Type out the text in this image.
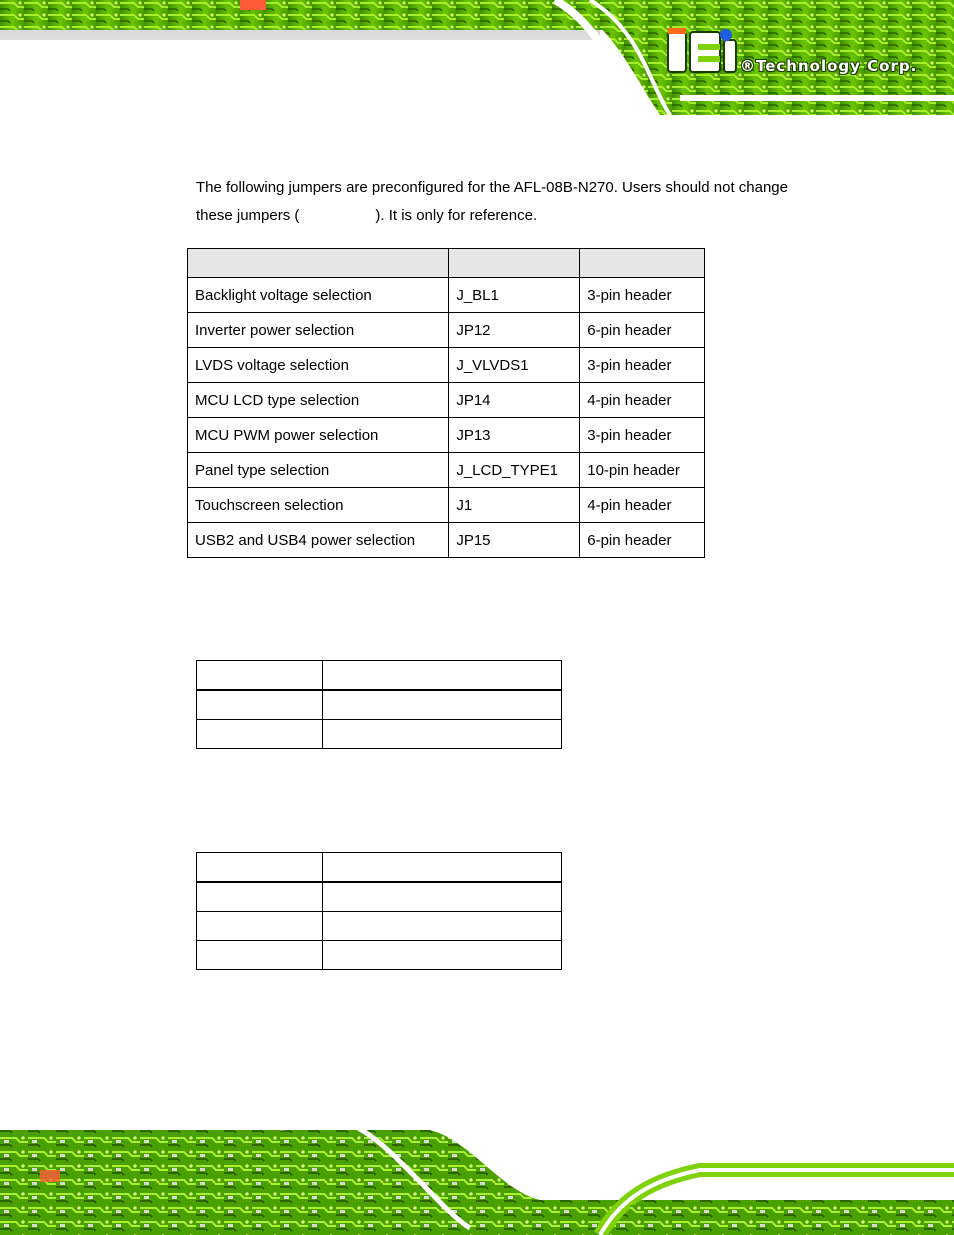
®Technology Corp.
The following jumpers are preconfigured for the AFL-08B-N270. Users should not change
these jumpers (	). It is only for reference.

Backlight voltage selection	J_BL1	3-pin header
Inverter power selection	JP12	6-pin header
LVDS voltage selection	J_VLVDS1	3-pin header
MCU LCD type selection	JP14	4-pin header
MCU PWM power selection	JP13	3-pin header
Panel type selection	J_LCD_TYPE1	10-pin header
Touchscreen selection	J1	4-pin header
USB2 and USB4 power selection	JP15	6-pin header
